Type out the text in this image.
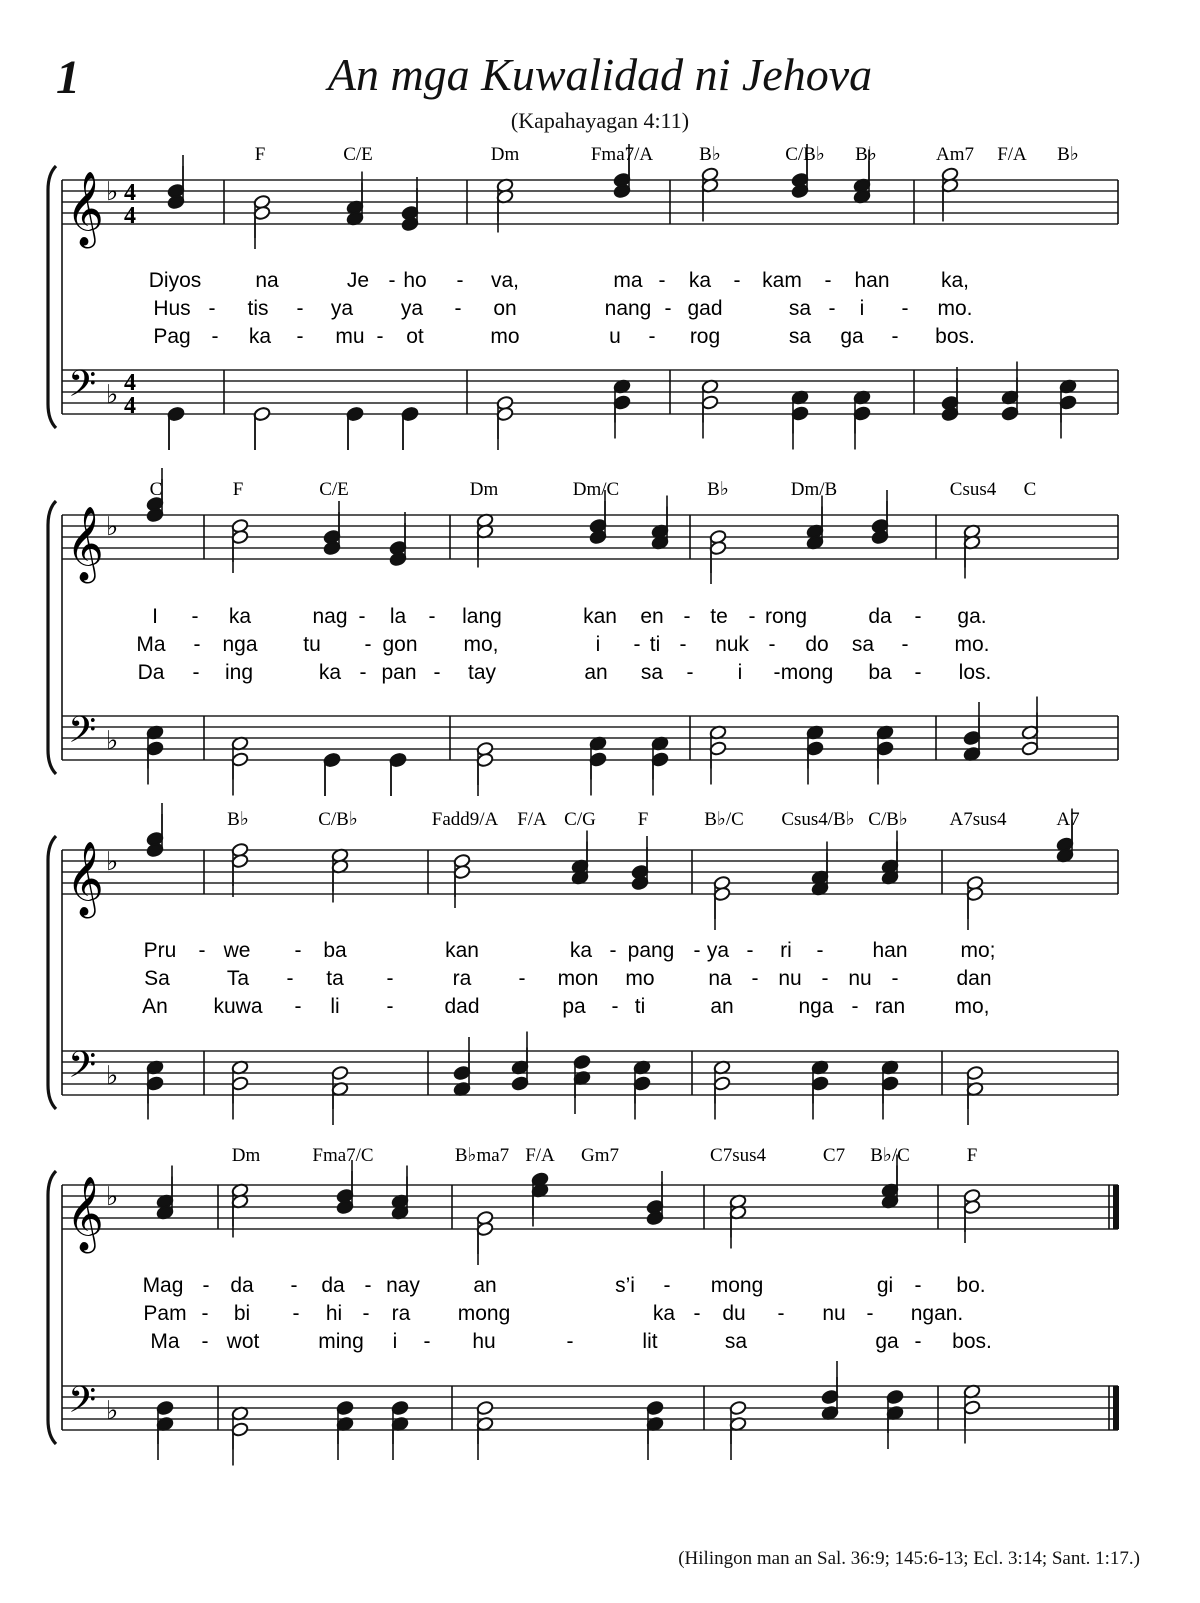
1	An mga Kuwalidad ni Jehova
(Kapahayagan 4:11)
𝄞 ♭ 4
4
𝄢 ♭ 4
4
F	C/E	Dm	Fma7/A B♭	C/B♭ B♭	Am7 F/A B♭
Diyos	na	Je - ho - va,	ma - ka - kam - han ka,
Hus - tis - ya ya - on	nang - gad	sa - i - mo.
Pag - ka - mu - ot	mo	u - rog	sa ga - bos.
𝄞 ♭
𝄢 ♭
C	F	C/E	Dm	Dm/C	B♭	Dm/B	Csus4 C
I - ka	nag - la - lang	kan en - te - rong	da - ga.
Ma - nga tu - gon mo,	i - ti - nuk - do sa - mo.
Da - ing	ka - pan - tay	an sa - i - mong ba - los.
𝄞 ♭
𝄢 ♭
B♭	C/B♭	Fadd9/A F/A C/G F	B♭/C Csus4/B♭ C/B♭ A7sus4	A7
Pru - we - ba	kan	ka - pang - ya - ri - han	mo;
Sa	Ta - ta -	ra - mon mo	na - nu - nu -	dan
An kuwa - li - dad	pa - ti	an	nga - ran mo,
𝄞 ♭
𝄢 ♭
Dm	Fma7/C	B♭ma7 F/A Gm7	C7sus4	C7 B♭/C	F
Mag - da - da - nay	an	s’i - mong	gi - bo.
Pam - bi - hi - ra mong	ka - du - nu - ngan.
Ma - wot	ming i - hu	-	lit	sa	ga - bos.
(Hilingon man an Sal. 36:9; 145:6-13; Ecl. 3:14; Sant. 1:17.)
